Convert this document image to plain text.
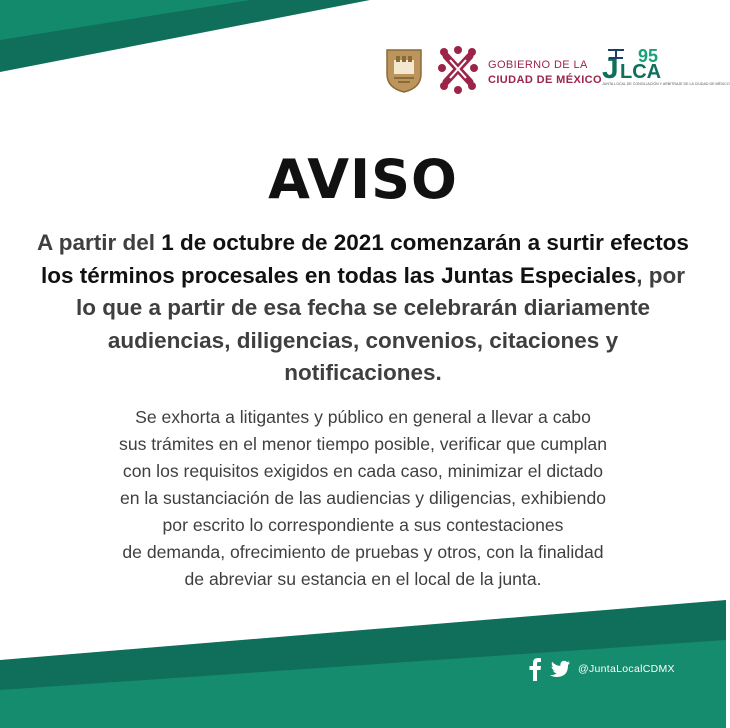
GOBIERNO DE LA
CIUDAD DE MÉXICO J 95
LCA
JUNTA LOCAL DE CONCILIACIÓN Y ARBITRAJE DE LA CIUDAD DE MÉXICO
AVISO
A partir del 1 de octubre de 2021 comenzarán a surtir efectos los términos procesales en todas las Juntas Especiales, por lo que a partir de esa fecha se celebrarán diariamente audiencias, diligencias, convenios, citaciones y notificaciones.
Se exhorta a litigantes y público en general a llevar a cabo
sus trámites en el menor tiempo posible, verificar que cumplan
con los requisitos exigidos en cada caso, minimizar el dictado
en la sustanciación de las audiencias y diligencias, exhibiendo
por escrito lo correspondiente a sus contestaciones
de demanda, ofrecimiento de pruebas y otros, con la finalidad
de abreviar su estancia en el local de la junta.
@JuntaLocalCDMX
